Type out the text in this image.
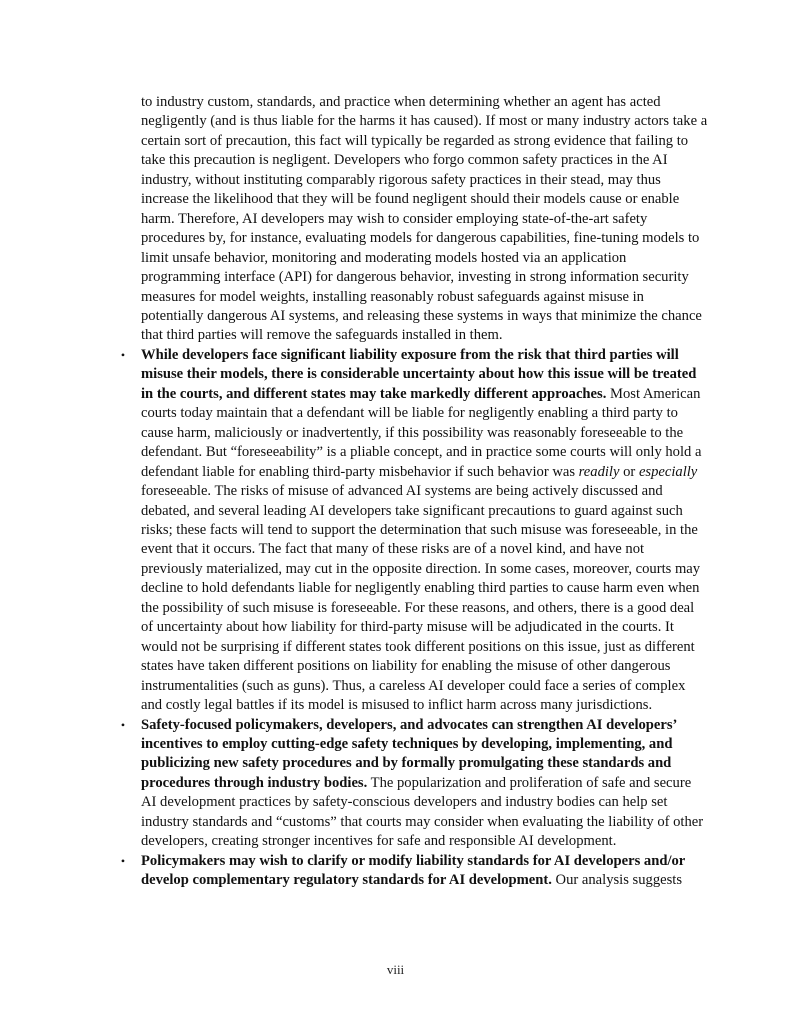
to industry custom, standards, and practice when determining whether an agent has acted negligently (and is thus liable for the harms it has caused). If most or many industry actors take a certain sort of precaution, this fact will typically be regarded as strong evidence that failing to take this precaution is negligent. Developers who forgo common safety practices in the AI industry, without instituting comparably rigorous safety practices in their stead, may thus increase the likelihood that they will be found negligent should their models cause or enable harm. Therefore, AI developers may wish to consider employing state-of-the-art safety procedures by, for instance, evaluating models for dangerous capabilities, fine-tuning models to limit unsafe behavior, monitoring and moderating models hosted via an application programming interface (API) for dangerous behavior, investing in strong information security measures for model weights, installing reasonably robust safeguards against misuse in potentially dangerous AI systems, and releasing these systems in ways that minimize the chance that third parties will remove the safeguards installed in them.

• While developers face significant liability exposure from the risk that third parties will misuse their models, there is considerable uncertainty about how this issue will be treated in the courts, and different states may take markedly different approaches. Most American courts today maintain that a defendant will be liable for negligently enabling a third party to cause harm, maliciously or inadvertently, if this possibility was reasonably foreseeable to the defendant. But “foreseeability” is a pliable concept, and in practice some courts will only hold a defendant liable for enabling third-party misbehavior if such behavior was readily or especially foreseeable. The risks of misuse of advanced AI systems are being actively discussed and debated, and several leading AI developers take significant precautions to guard against such risks; these facts will tend to support the determination that such misuse was foreseeable, in the event that it occurs. The fact that many of these risks are of a novel kind, and have not previously materialized, may cut in the opposite direction. In some cases, moreover, courts may decline to hold defendants liable for negligently enabling third parties to cause harm even when the possibility of such misuse is foreseeable. For these reasons, and others, there is a good deal of uncertainty about how liability for third-party misuse will be adjudicated in the courts. It would not be surprising if different states took different positions on this issue, just as different states have taken different positions on liability for enabling the misuse of other dangerous instrumentalities (such as guns). Thus, a careless AI developer could face a series of complex and costly legal battles if its model is misused to inflict harm across many jurisdictions.
• Safety-focused policymakers, developers, and advocates can strengthen AI developers’ incentives to employ cutting-edge safety techniques by developing, implementing, and publicizing new safety procedures and by formally promulgating these standards and procedures through industry bodies. The popularization and proliferation of safe and secure AI development practices by safety-conscious developers and industry bodies can help set industry standards and “customs” that courts may consider when evaluating the liability of other developers, creating stronger incentives for safe and responsible AI development.
• Policymakers may wish to clarify or modify liability standards for AI developers and/or develop complementary regulatory standards for AI development. Our analysis suggests
viii
